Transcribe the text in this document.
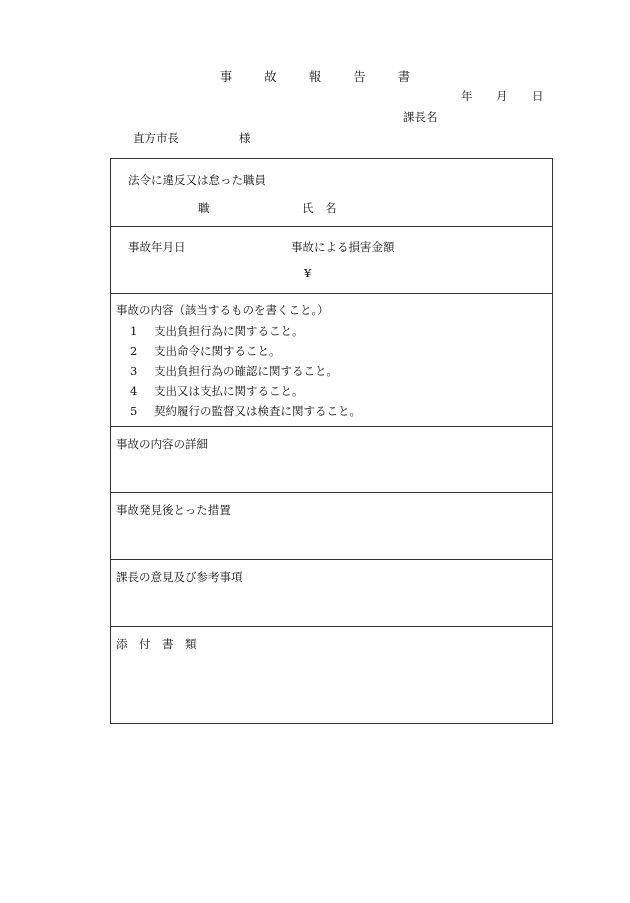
事	故	報	告	書
年 月 日
課長名
直方市長	様
法令に違反又は怠った職員
職	氏　名
事故年月日	事故による損害金額
¥
事故の内容（該当するものを書くこと。）
1 支出負担行為に関すること。
2 支出命令に関すること。
3 支出負担行為の確認に関すること。
4 支出又は支払に関すること。
5 契約履行の監督又は検査に関すること。
事故の内容の詳細
事故発見後とった措置
課長の意見及び参考事項
添　付　書　類
